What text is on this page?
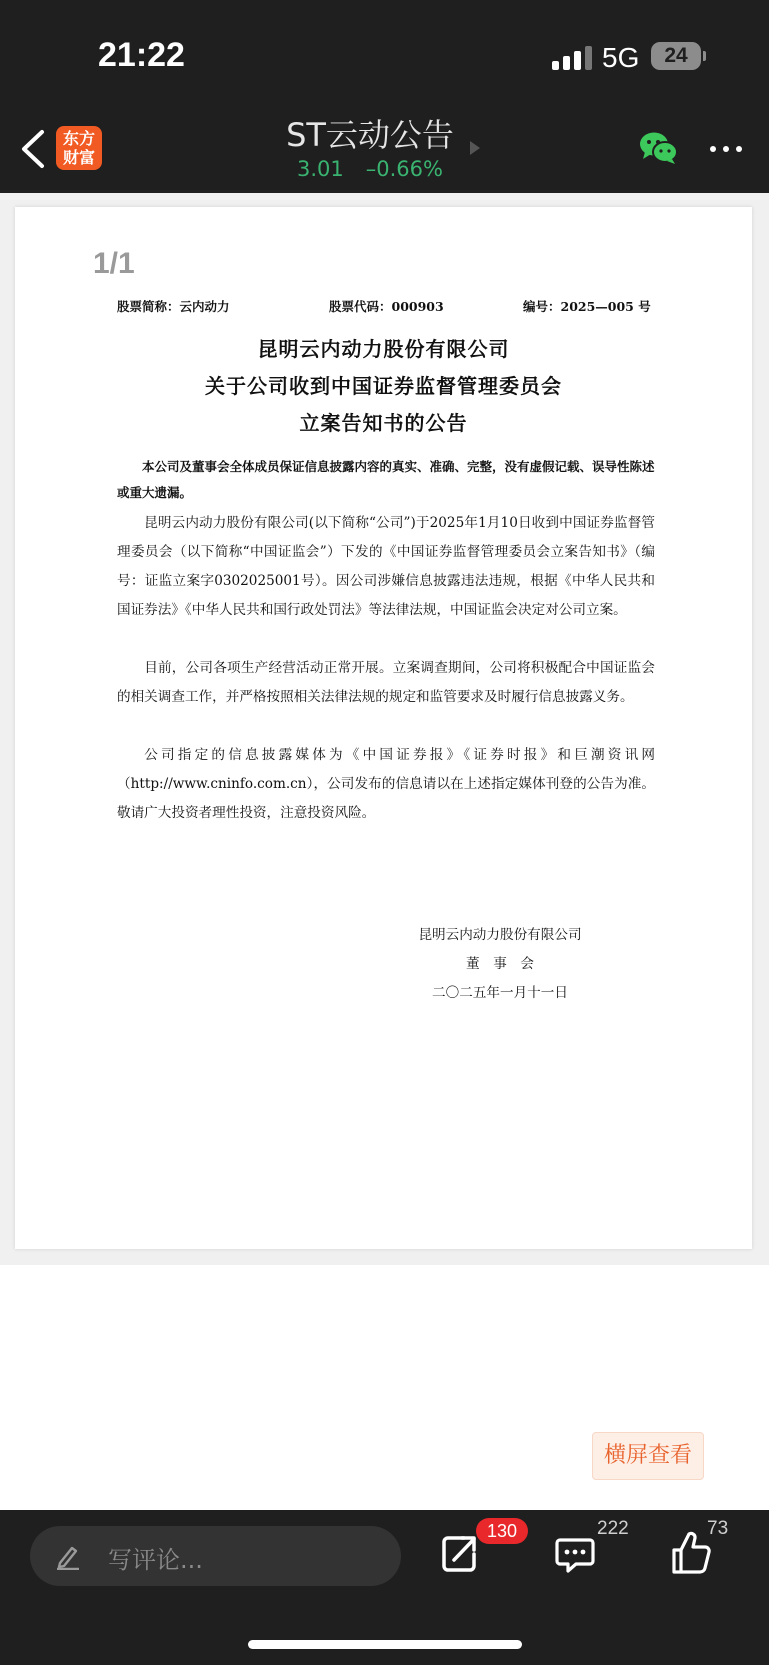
21:22	5G	24
东方
财富
ST云动公告
3.01 –0.66%
1/1
股票简称：云内动力	股票代码：000903	编号：2025—005 号
昆明云内动力股份有限公司
关于公司收到中国证券监督管理委员会
立案告知书的公告
本公司及董事会全体成员保证信息披露内容的真实、准确、完整，没有虚假记载、误导性陈述或重大遗漏。
昆明云内动力股份有限公司(以下简称“公司”)于2025年1月10日收到中国证券监督管理委员会（以下简称“中国证监会”）下发的《中国证券监督管理委员会立案告知书》（编号：证监立案字0302025001号）。因公司涉嫌信息披露违法违规，根据《中华人民共和国证券法》《中华人民共和国行政处罚法》等法律法规，中国证监会决定对公司立案。
目前，公司各项生产经营活动正常开展。立案调查期间，公司将积极配合中国证监会的相关调查工作，并严格按照相关法律法规的规定和监管要求及时履行信息披露义务。
公司指定的信息披露媒体为《中国证券报》《证券时报》和巨潮资讯网（http://www.cninfo.com.cn），公司发布的信息请以在上述指定媒体刊登的公告为准。敬请广大投资者理性投资，注意投资风险。
昆明云内动力股份有限公司
董　事　会
二〇二五年一月十一日
横屏查看
写评论...
130	222	73
